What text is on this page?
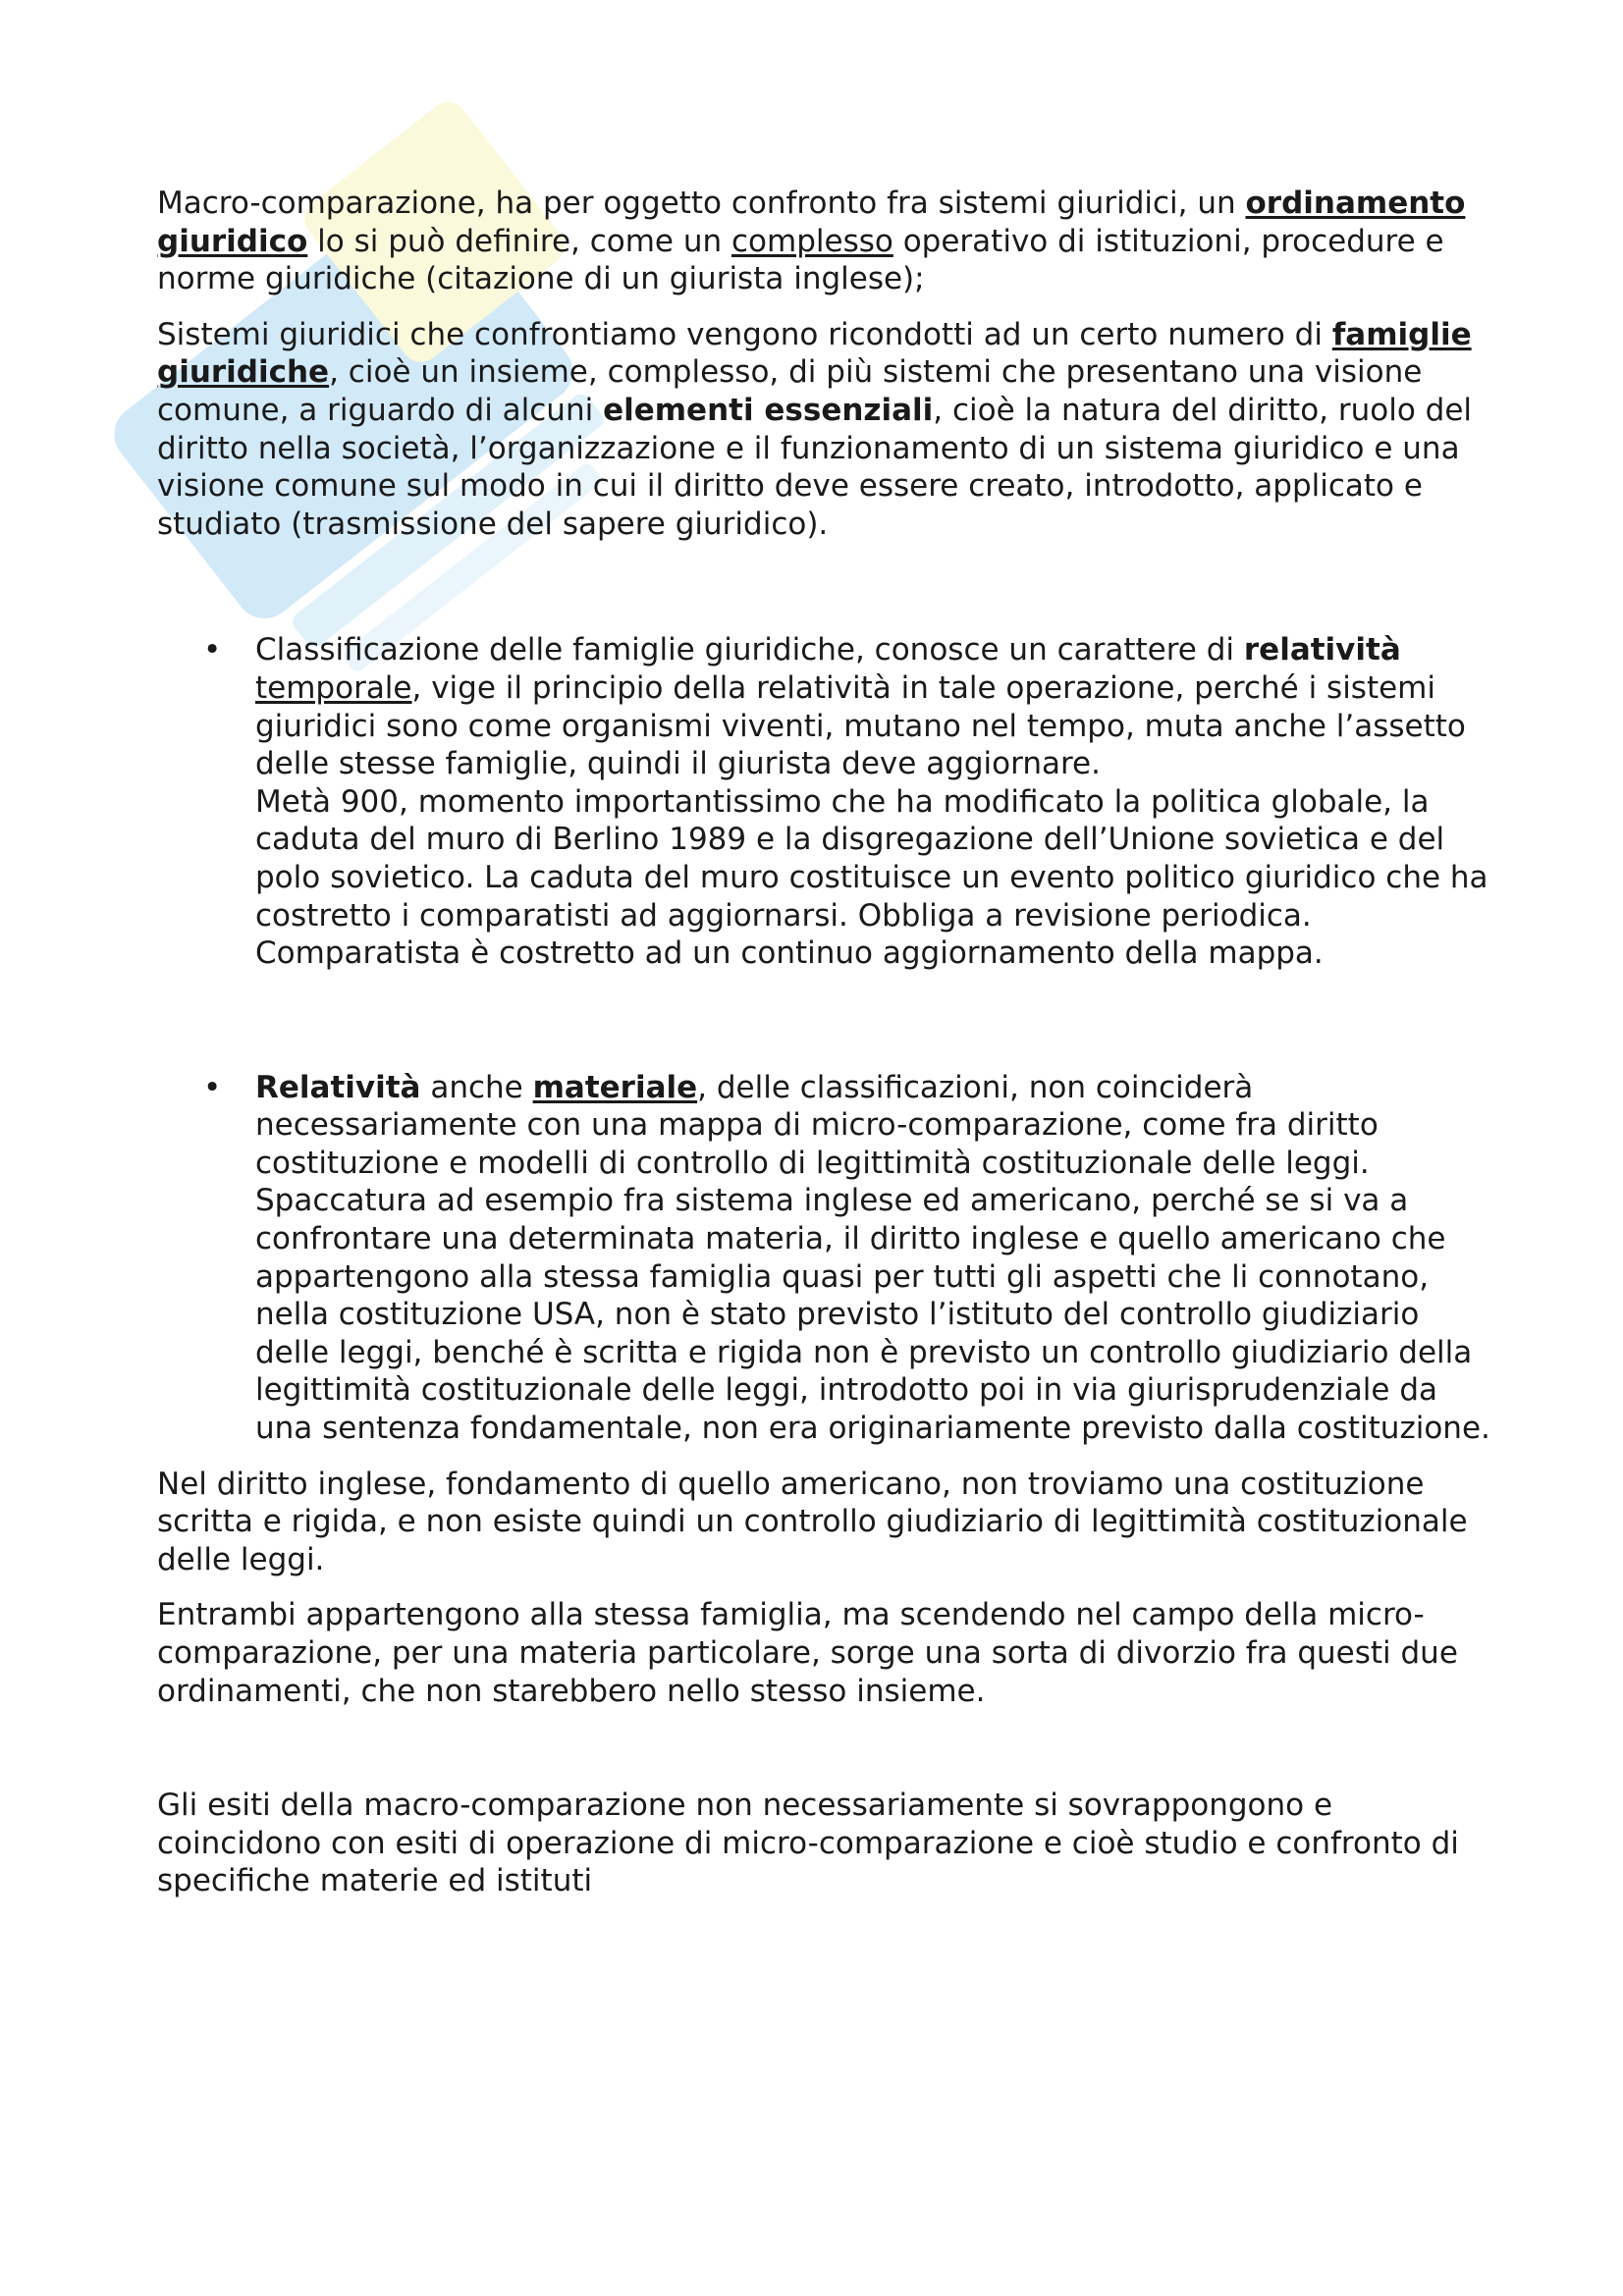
Macro-comparazione, ha per oggetto confronto fra sistemi giuridici, un ordinamento giuridico lo si può definire, come un complesso operativo di istituzioni, procedure e norme giuridiche (citazione di un giurista inglese);

Sistemi giuridici che confrontiamo vengono ricondotti ad un certo numero di famiglie giuridiche, cioè un insieme, complesso, di più sistemi che presentano una visione comune, a riguardo di alcuni elementi essenziali, cioè la natura del diritto, ruolo del diritto nella società, l’organizzazione e il funzionamento di un sistema giuridico e una visione comune sul modo in cui il diritto deve essere creato, introdotto, applicato e studiato (trasmissione del sapere giuridico).

• Classificazione delle famiglie giuridiche, conosce un carattere di relatività temporale, vige il principio della relatività in tale operazione, perché i sistemi giuridici sono come organismi viventi, mutano nel tempo, muta anche l’assetto delle stesse famiglie, quindi il giurista deve aggiornare.

Metà 900, momento importantissimo che ha modificato la politica globale, la caduta del muro di Berlino 1989 e la disgregazione dell’Unione sovietica e del polo sovietico. La caduta del muro costituisce un evento politico giuridico che ha costretto i comparatisti ad aggiornarsi. Obbliga a revisione periodica. Comparatista è costretto ad un continuo aggiornamento della mappa.

• Relatività anche materiale, delle classificazioni, non coinciderà necessariamente con una mappa di micro-comparazione, come fra diritto costituzione e modelli di controllo di legittimità costituzionale delle leggi. Spaccatura ad esempio fra sistema inglese ed americano, perché se si va a confrontare una determinata materia, il diritto inglese e quello americano che appartengono alla stessa famiglia quasi per tutti gli aspetti che li connotano, nella costituzione USA, non è stato previsto l’istituto del controllo giudiziario delle leggi, benché è scritta e rigida non è previsto un controllo giudiziario della legittimità costituzionale delle leggi, introdotto poi in via giurisprudenziale da una sentenza fondamentale, non era originariamente previsto dalla costituzione.

Nel diritto inglese, fondamento di quello americano, non troviamo una costituzione scritta e rigida, e non esiste quindi un controllo giudiziario di legittimità costituzionale delle leggi.

Entrambi appartengono alla stessa famiglia, ma scendendo nel campo della micro-comparazione, per una materia particolare, sorge una sorta di divorzio fra questi due ordinamenti, che non starebbero nello stesso insieme.

Gli esiti della macro-comparazione non necessariamente si sovrappongono e coincidono con esiti di operazione di micro-comparazione e cioè studio e confronto di specifiche materie ed istituti
